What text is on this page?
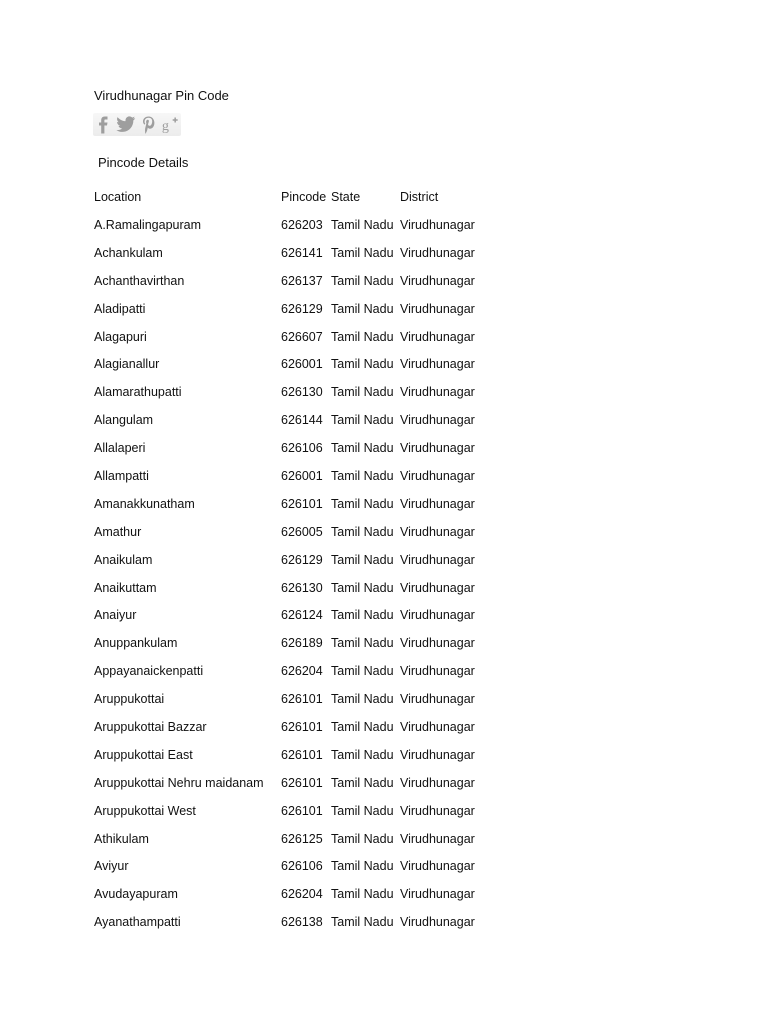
Virudhunagar Pin Code
g
Pincode Details
Location	Pincode	State	District
A.Ramalingapuram	626203	Tamil Nadu	Virudhunagar
Achankulam	626141	Tamil Nadu	Virudhunagar
Achanthavirthan	626137	Tamil Nadu	Virudhunagar
Aladipatti	626129	Tamil Nadu	Virudhunagar
Alagapuri	626607	Tamil Nadu	Virudhunagar
Alagianallur	626001	Tamil Nadu	Virudhunagar
Alamarathupatti	626130	Tamil Nadu	Virudhunagar
Alangulam	626144	Tamil Nadu	Virudhunagar
Allalaperi	626106	Tamil Nadu	Virudhunagar
Allampatti	626001	Tamil Nadu	Virudhunagar
Amanakkunatham	626101	Tamil Nadu	Virudhunagar
Amathur	626005	Tamil Nadu	Virudhunagar
Anaikulam	626129	Tamil Nadu	Virudhunagar
Anaikuttam	626130	Tamil Nadu	Virudhunagar
Anaiyur	626124	Tamil Nadu	Virudhunagar
Anuppankulam	626189	Tamil Nadu	Virudhunagar
Appayanaickenpatti	626204	Tamil Nadu	Virudhunagar
Aruppukottai	626101	Tamil Nadu	Virudhunagar
Aruppukottai Bazzar	626101	Tamil Nadu	Virudhunagar
Aruppukottai East	626101	Tamil Nadu	Virudhunagar
Aruppukottai Nehru maidanam	626101	Tamil Nadu	Virudhunagar
Aruppukottai West	626101	Tamil Nadu	Virudhunagar
Athikulam	626125	Tamil Nadu	Virudhunagar
Aviyur	626106	Tamil Nadu	Virudhunagar
Avudayapuram	626204	Tamil Nadu	Virudhunagar
Ayanathampatti	626138	Tamil Nadu	Virudhunagar
